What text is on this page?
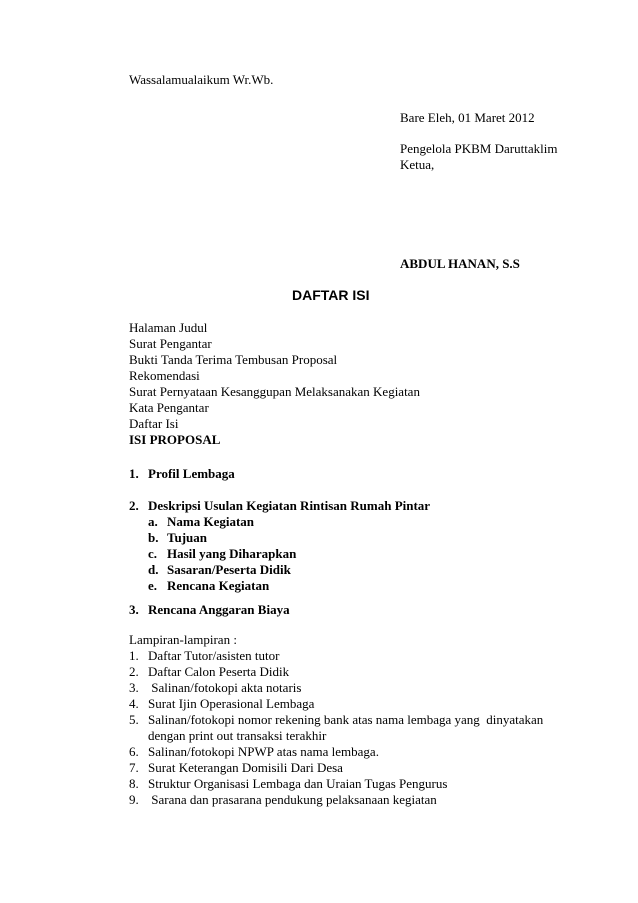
Wassalamualaikum Wr.Wb.
Bare Eleh, 01 Maret 2012
Pengelola PKBM Daruttaklim
Ketua,
ABDUL HANAN, S.S
DAFTAR ISI
Halaman Judul
Surat Pengantar
Bukti Tanda Terima Tembusan Proposal
Rekomendasi
Surat Pernyataan Kesanggupan Melaksanakan Kegiatan
Kata Pengantar
Daftar Isi
ISI PROPOSAL
1. Profil Lembaga
2. Deskripsi Usulan Kegiatan Rintisan Rumah Pintar
a. Nama Kegiatan
b. Tujuan
c. Hasil yang Diharapkan
d. Sasaran/Peserta Didik
e. Rencana Kegiatan
3. Rencana Anggaran Biaya
Lampiran-lampiran :
1. Daftar Tutor/asisten tutor
2. Daftar Calon Peserta Didik
3. Salinan/fotokopi akta notaris
4. Surat Ijin Operasional Lembaga
5. Salinan/fotokopi nomor rekening bank atas nama lembaga yang  dinyatakan
dengan print out transaksi terakhir
6. Salinan/fotokopi NPWP atas nama lembaga.
7. Surat Keterangan Domisili Dari Desa
8. Struktur Organisasi Lembaga dan Uraian Tugas Pengurus
9. Sarana dan prasarana pendukung pelaksanaan kegiatan
